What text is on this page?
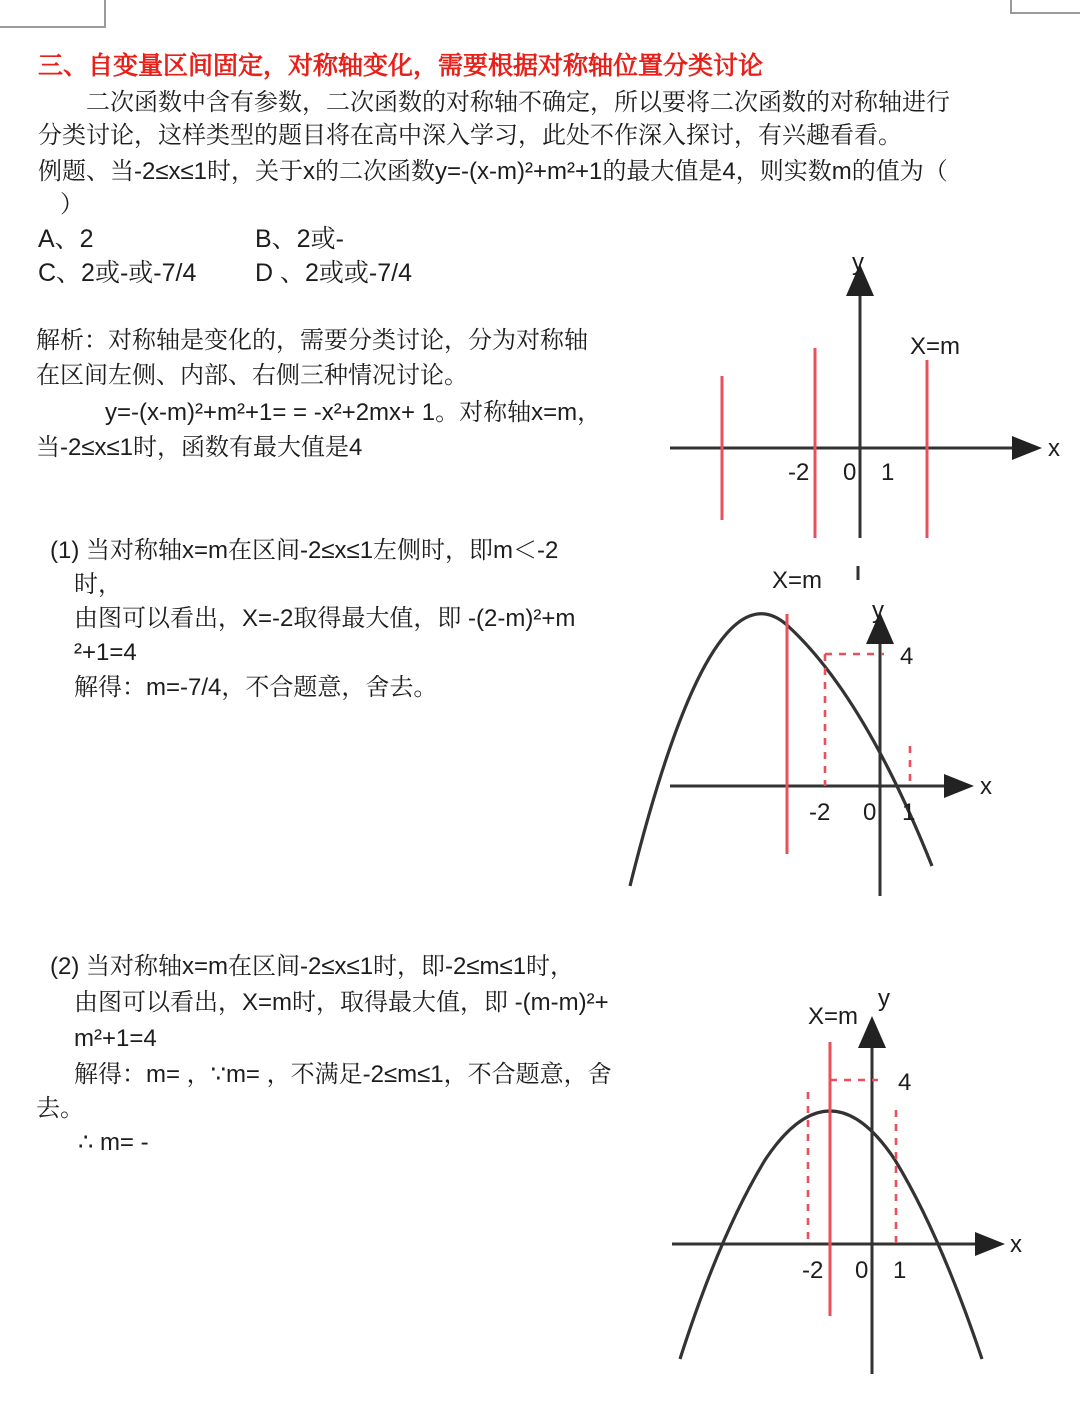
三、自变量区间固定，对称轴变化，需要根据对称轴位置分类讨论
二次函数中含有参数，二次函数的对称轴不确定，所以要将二次函数的对称轴进行
分类讨论，这样类型的题目将在高中深入学习，此处不作深入探讨，有兴趣看看。
例题、当-2≤x≤1时，关于x的二次函数y=-(x-m)²+m²+1的最大值是4，则实数m的值为（
）
A、2	B、2或-
C、2或-或-7/4 D 、2或或-7/4
解析：对称轴是变化的，需要分类讨论，分为对称轴
在区间左侧、内部、右侧三种情况讨论。
y=-(x-m)²+m²+1= = -x²+2mx+ 1。对称轴x=m，
当-2≤x≤1时，函数有最大值是4
(1) 当对称轴x=m在区间-2≤x≤1左侧时，即m＜-2
时，
由图可以看出，X=-2取得最大值，即 -(2-m)²+m
²+1=4
解得：m=-7/4，不合题意，舍去。
(2) 当对称轴x=m在区间-2≤x≤1时，即-2≤m≤1时，
由图可以看出，X=m时，取得最大值，即 -(m-m)²+
m²+1=4
解得：m= ，∵m= ，不满足-2≤m≤1，不合题意，舍
去。
∴ m= -
y
x
-2 0 1
X=m
X=m
y
x
4
-2 0 1
X=m
y
x
4
-2 0 1
